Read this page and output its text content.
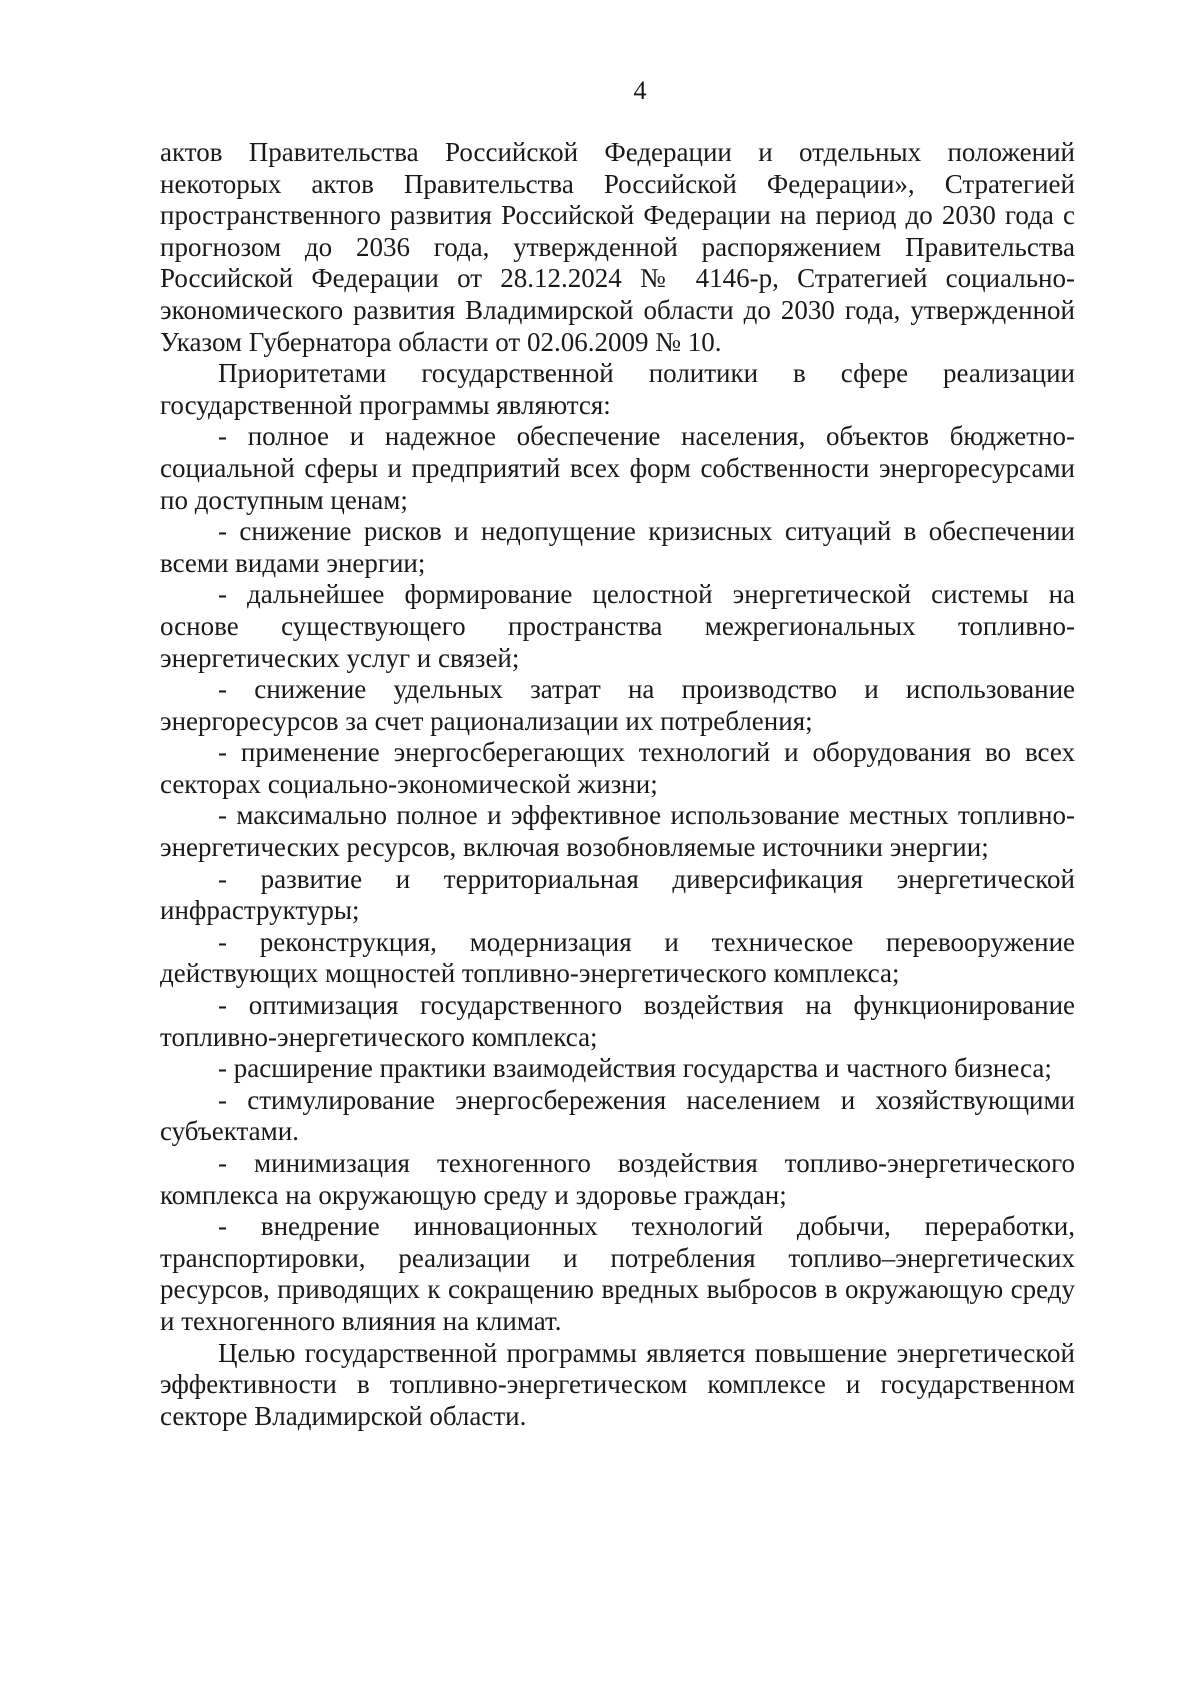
4

актов Правительства Российской Федерации и отдельных положений некоторых актов Правительства Российской Федерации», Стратегией пространственного развития Российской Федерации на период до 2030 года с прогнозом до 2036 года, утвержденной распоряжением Правительства Российской Федерации от 28.12.2024 № 4146-р, Стратегией социально-экономического развития Владимирской области до 2030 года, утвержденной Указом Губернатора области от 02.06.2009 № 10.

Приоритетами государственной политики в сфере реализации государственной программы являются:

- полное и надежное обеспечение населения, объектов бюджетно-социальной сферы и предприятий всех форм собственности энергоресурсами по доступным ценам;

- снижение рисков и недопущение кризисных ситуаций в обеспечении всеми видами энергии;

- дальнейшее формирование целостной энергетической системы на основе существующего пространства межрегиональных топливно-энергетических услуг и связей;

- снижение удельных затрат на производство и использование энергоресурсов за счет рационализации их потребления;

- применение энергосберегающих технологий и оборудования во всех секторах социально-экономической жизни;

- максимально полное и эффективное использование местных топливно-энергетических ресурсов, включая возобновляемые источники энергии;

- развитие и территориальная диверсификация энергетической инфраструктуры;

- реконструкция, модернизация и техническое перевооружение действующих мощностей топливно-энергетического комплекса;

- оптимизация государственного воздействия на функционирование топливно-энергетического комплекса;

- расширение практики взаимодействия государства и частного бизнеса;

- стимулирование энергосбережения населением и хозяйствующими субъектами.

- минимизация техногенного воздействия топливо-энергетического комплекса на окружающую среду и здоровье граждан;

- внедрение инновационных технологий добычи, переработки, транспортировки, реализации и потребления топливо–энергетических ресурсов, приводящих к сокращению вредных выбросов в окружающую среду и техногенного влияния на климат.

Целью государственной программы является повышение энергетической эффективности в топливно-энергетическом комплексе и государственном секторе Владимирской области.
